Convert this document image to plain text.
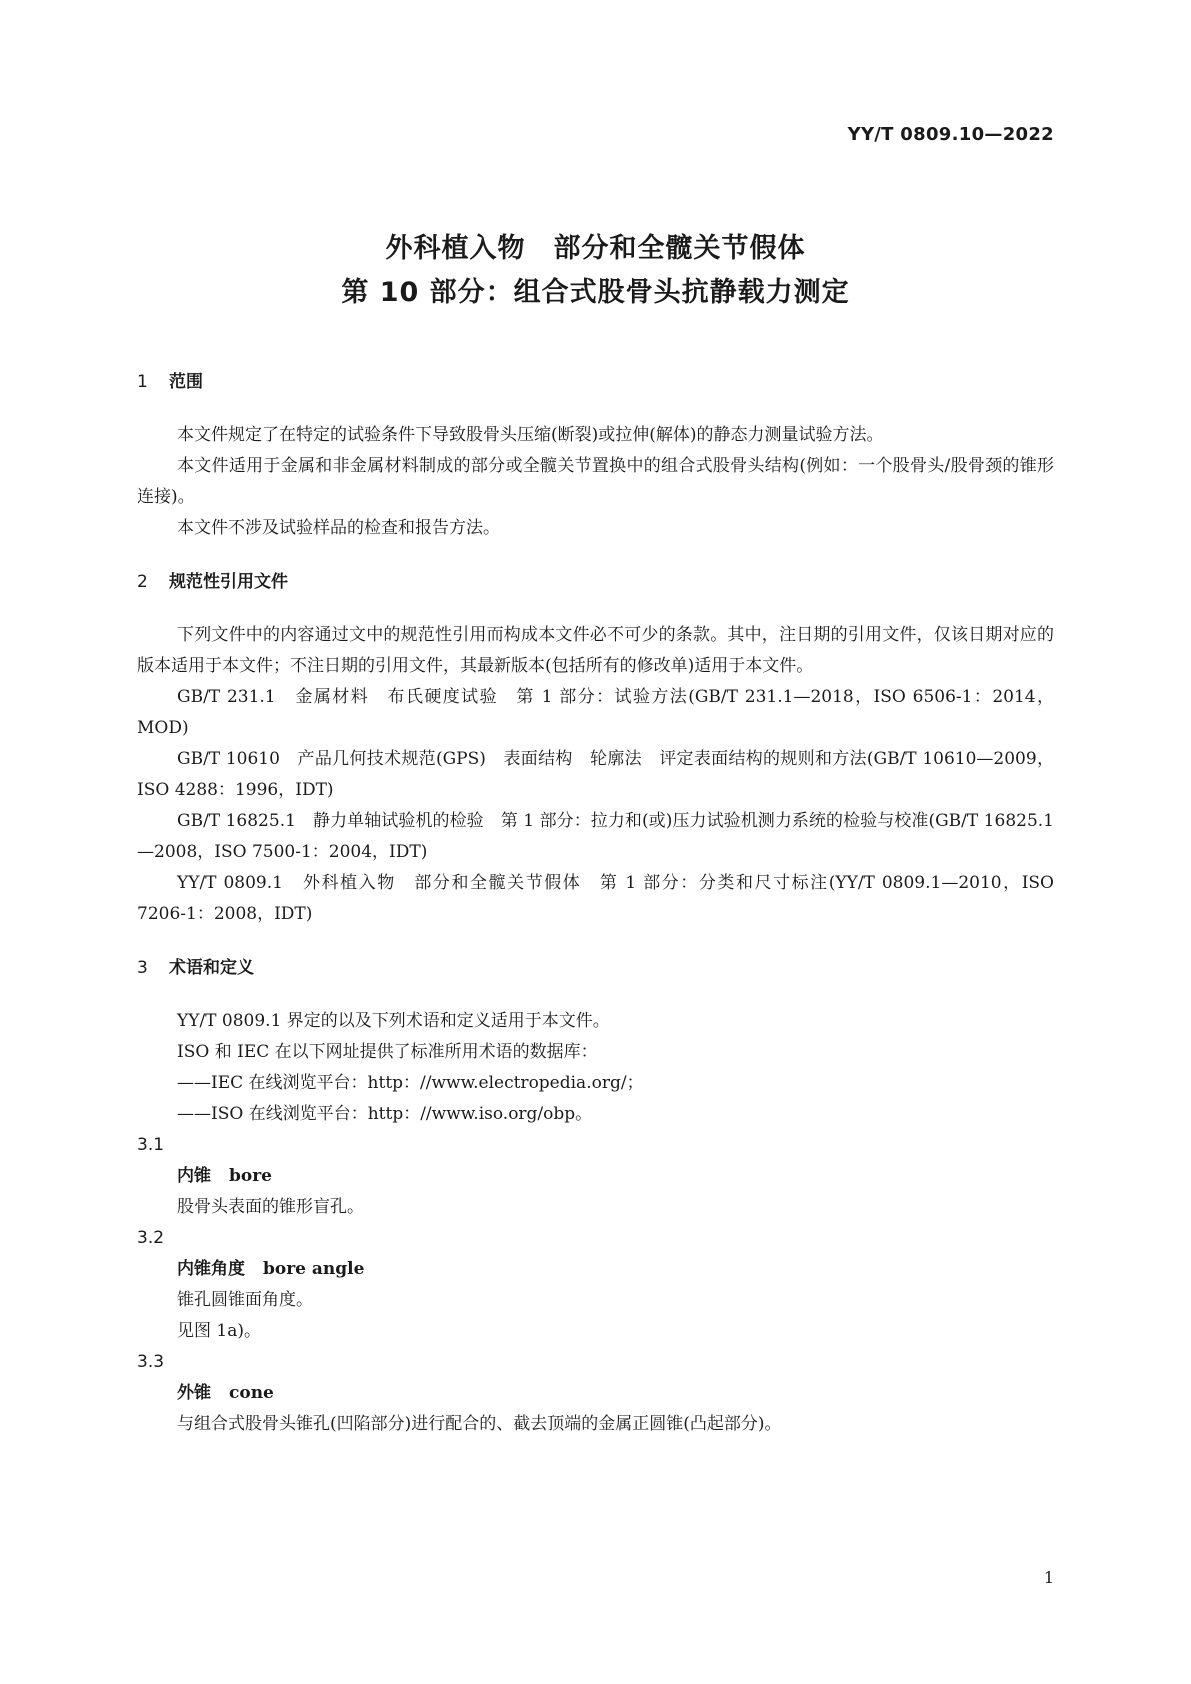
YY/T 0809.10—2022
外科植入物　部分和全髋关节假体
第 10 部分：组合式股骨头抗静载力测定
1 范围

本文件规定了在特定的试验条件下导致股骨头压缩(断裂)或拉伸(解体)的静态力测量试验方法。

本文件适用于金属和非金属材料制成的部分或全髋关节置换中的组合式股骨头结构(例如：一个股骨头/股骨颈的锥形连接)。

本文件不涉及试验样品的检查和报告方法。

2 规范性引用文件

下列文件中的内容通过文中的规范性引用而构成本文件必不可少的条款。其中，注日期的引用文件，仅该日期对应的版本适用于本文件；不注日期的引用文件，其最新版本(包括所有的修改单)适用于本文件。

GB/T 231.1　金属材料　布氏硬度试验　第 1 部分：试验方法(GB/T 231.1—2018，ISO 6506-1：2014，MOD)

GB/T 10610　产品几何技术规范(GPS)　表面结构　轮廓法　评定表面结构的规则和方法(GB/T 10610—2009，ISO 4288：1996，IDT)

GB/T 16825.1　静力单轴试验机的检验　第 1 部分：拉力和(或)压力试验机测力系统的检验与校准(GB/T 16825.1—2008，ISO 7500-1：2004，IDT)

YY/T 0809.1　外科植入物　部分和全髋关节假体　第 1 部分：分类和尺寸标注(YY/T 0809.1—2010，ISO 7206-1：2008，IDT)

3 术语和定义

YY/T 0809.1 界定的以及下列术语和定义适用于本文件。

ISO 和 IEC 在以下网址提供了标准所用术语的数据库：

——IEC 在线浏览平台：http：//www.electropedia.org/；

——ISO 在线浏览平台：http：//www.iso.org/obp。

3.1

内锥 bore

股骨头表面的锥形盲孔。

3.2

内锥角度 bore angle

锥孔圆锥面角度。

见图 1a)。

3.3

外锥 cone

与组合式股骨头锥孔(凹陷部分)进行配合的、截去顶端的金属正圆锥(凸起部分)。

1
